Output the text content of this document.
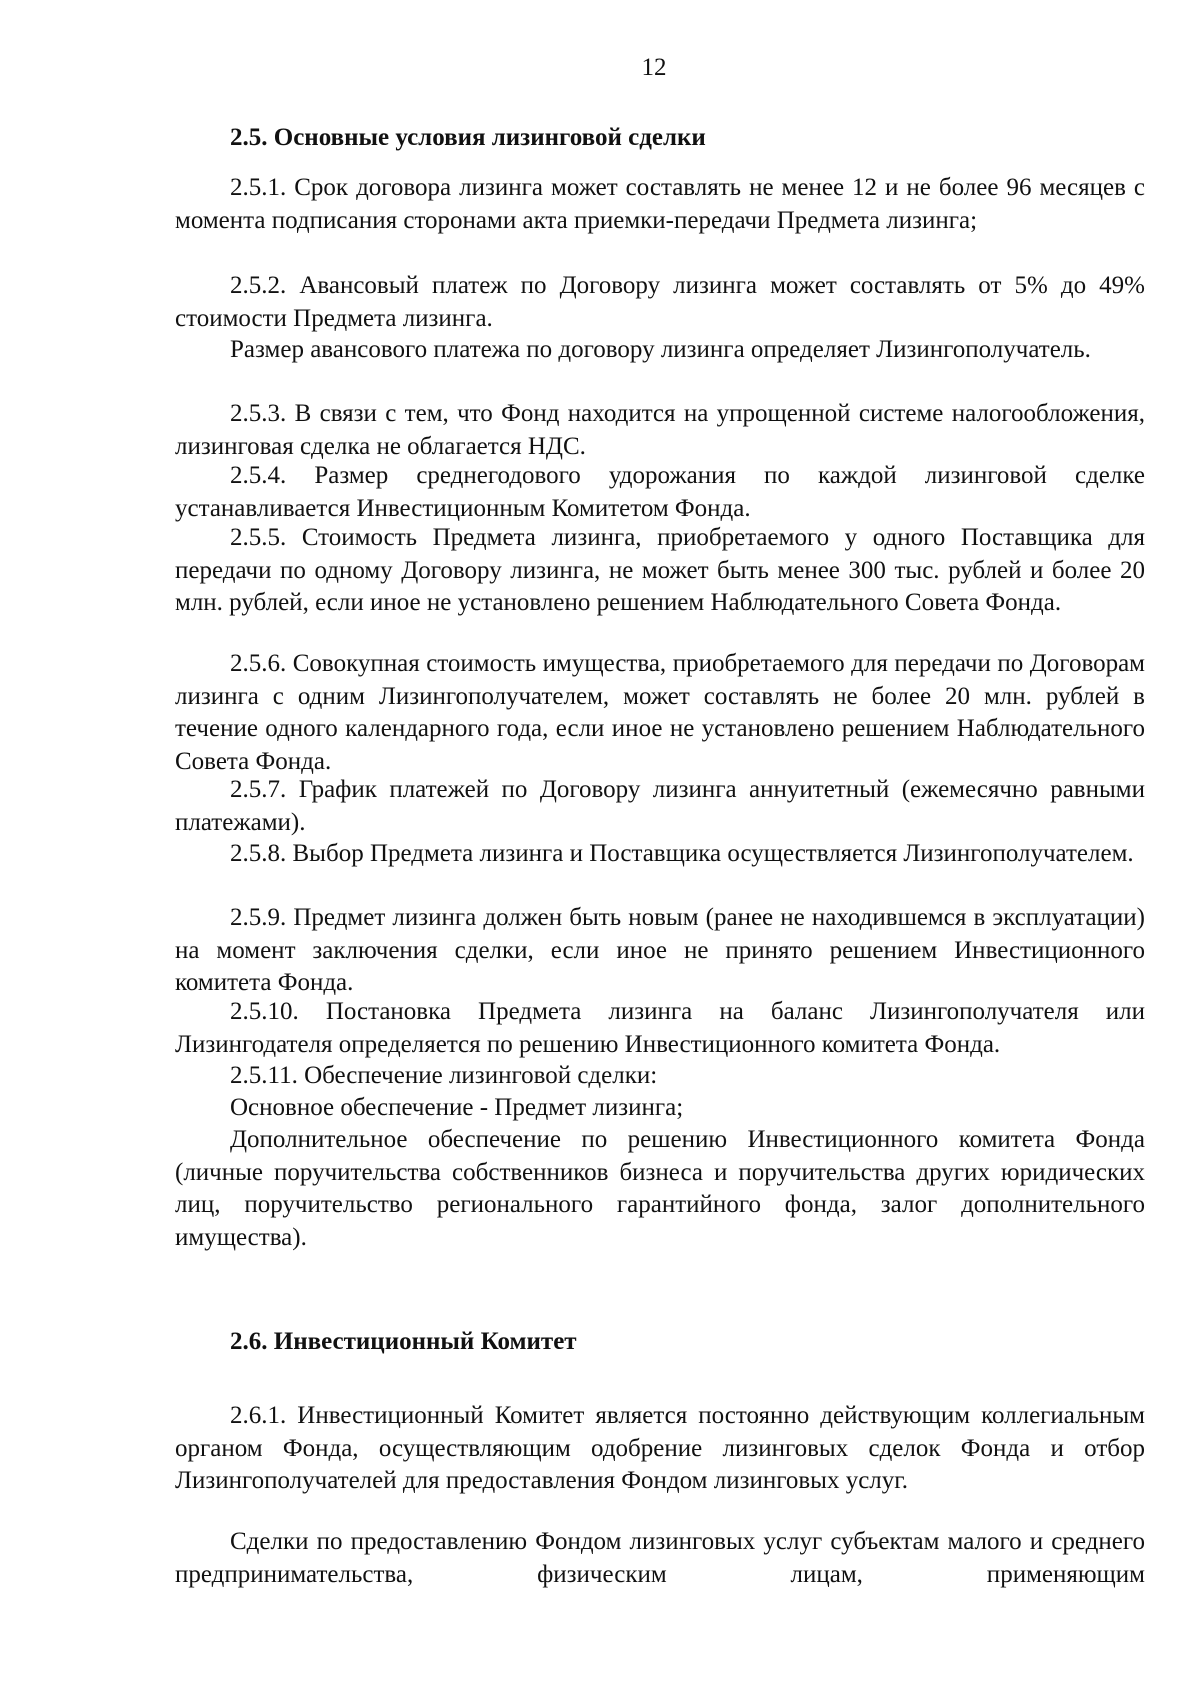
12
2.5. Основные условия лизинговой сделки

2.5.1. Срок договора лизинга может составлять не менее 12 и не более 96 месяцев с момента подписания сторонами акта приемки-передачи Предмета лизинга;

2.5.2. Авансовый платеж по Договору лизинга может составлять от 5% до 49% стоимости Предмета лизинга.

Размер авансового платежа по договору лизинга определяет Лизингополучатель.

2.5.3. В связи с тем, что Фонд находится на упрощенной системе налогообложения, лизинговая сделка не облагается НДС.

2.5.4. Размер среднегодового удорожания по каждой лизинговой сделке устанавливается Инвестиционным Комитетом Фонда.

2.5.5. Стоимость Предмета лизинга, приобретаемого у одного Поставщика для передачи по одному Договору лизинга, не может быть менее 300 тыс. рублей и более 20 млн. рублей, если иное не установлено решением Наблюдательного Совета Фонда.

2.5.6. Совокупная стоимость имущества, приобретаемого для передачи по Договорам лизинга с одним Лизингополучателем, может составлять не более 20 млн. рублей в течение одного календарного года, если иное не установлено решением Наблюдательного Совета Фонда.

2.5.7. График платежей по Договору лизинга аннуитетный (ежемесячно равными платежами).

2.5.8. Выбор Предмета лизинга и Поставщика осуществляется Лизингополучателем.

2.5.9. Предмет лизинга должен быть новым (ранее не находившемся в эксплуатации) на момент заключения сделки, если иное не принято решением Инвестиционного комитета Фонда.

2.5.10. Постановка Предмета лизинга на баланс Лизингополучателя или Лизингодателя определяется по решению Инвестиционного комитета Фонда.

2.5.11. Обеспечение лизинговой сделки:

Основное обеспечение - Предмет лизинга;

Дополнительное обеспечение по решению Инвестиционного комитета Фонда (личные поручительства собственников бизнеса и поручительства других юридических лиц, поручительство регионального гарантийного фонда, залог дополнительного имущества).

2.6. Инвестиционный Комитет

2.6.1. Инвестиционный Комитет является постоянно действующим коллегиальным органом Фонда, осуществляющим одобрение лизинговых сделок Фонда и отбор Лизингополучателей для предоставления Фондом лизинговых услуг.

Сделки по предоставлению Фондом лизинговых услуг субъектам малого и среднего предпринимательства, физическим лицам, применяющим
